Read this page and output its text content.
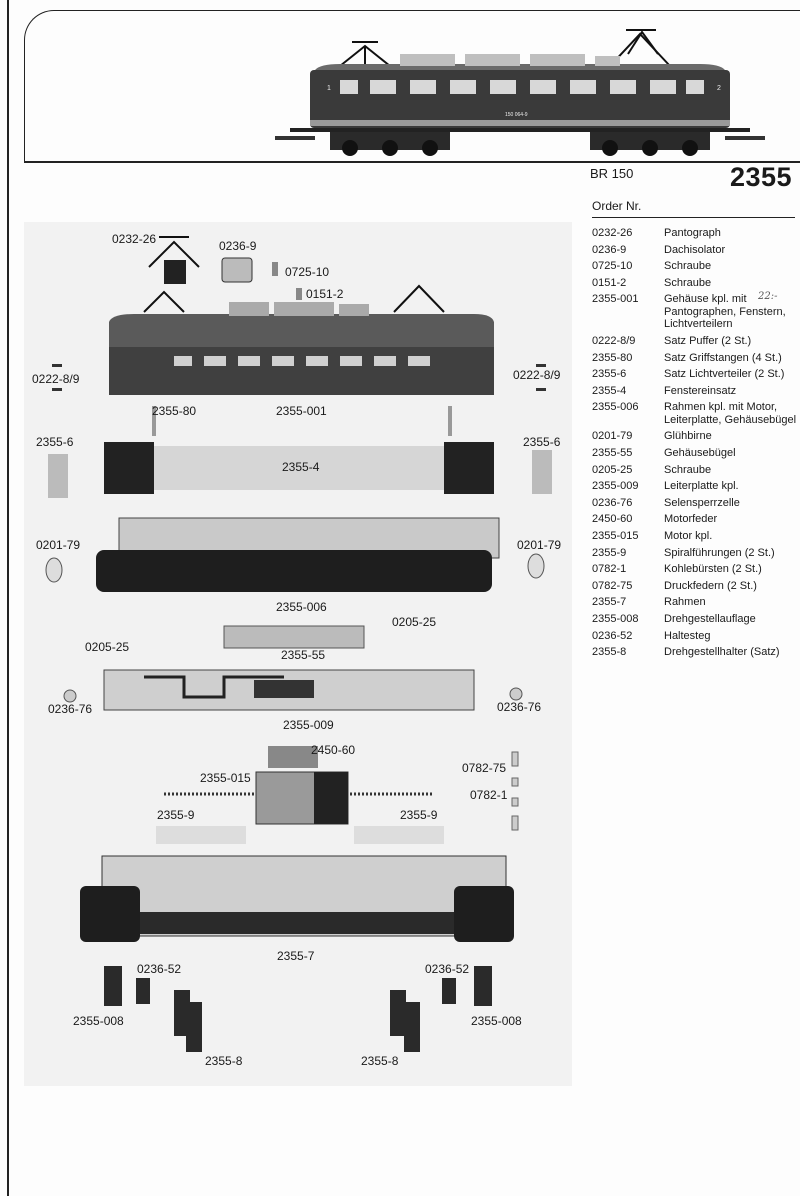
1	2
150 064-9
BR 150	2355
0232-26	0236-9
0725-10
0151-2
0222-8/9	0222-8/9
2355-80	2355-001
2355-6	2355-6
2355-4
0201-79	0201-79
2355-006
0205-25
0205-25
2355-55
0236-76	0236-76
2355-009
2450-60
2355-015
0782-75
0782-1
2355-9	2355-9
2355-7
0236-52	0236-52
2355-008	2355-008
2355-8	2355-8
Order Nr.
22:-
0232-26	Pantograph
0236-9	Dachisolator
0725-10	Schraube
0151-2	Schraube
2355-001	Gehäuse kpl. mit Pantographen, Fenstern, Lichtverteilern
0222-8/9	Satz Puffer (2 St.)
2355-80	Satz Griffstangen (4 St.)
2355-6	Satz Lichtverteiler (2 St.)
2355-4	Fenstereinsatz
2355-006	Rahmen kpl. mit Motor, Leiterplatte, Gehäusebügel
0201-79	Glühbirne
2355-55	Gehäusebügel
0205-25	Schraube
2355-009	Leiterplatte kpl.
0236-76	Selensperrzelle
2450-60	Motorfeder
2355-015	Motor kpl.
2355-9	Spiralführungen (2 St.)
0782-1	Kohlebürsten (2 St.)
0782-75	Druckfedern (2 St.)
2355-7	Rahmen
2355-008	Drehgestellauflage
0236-52	Haltesteg
2355-8	Drehgestellhalter (Satz)
